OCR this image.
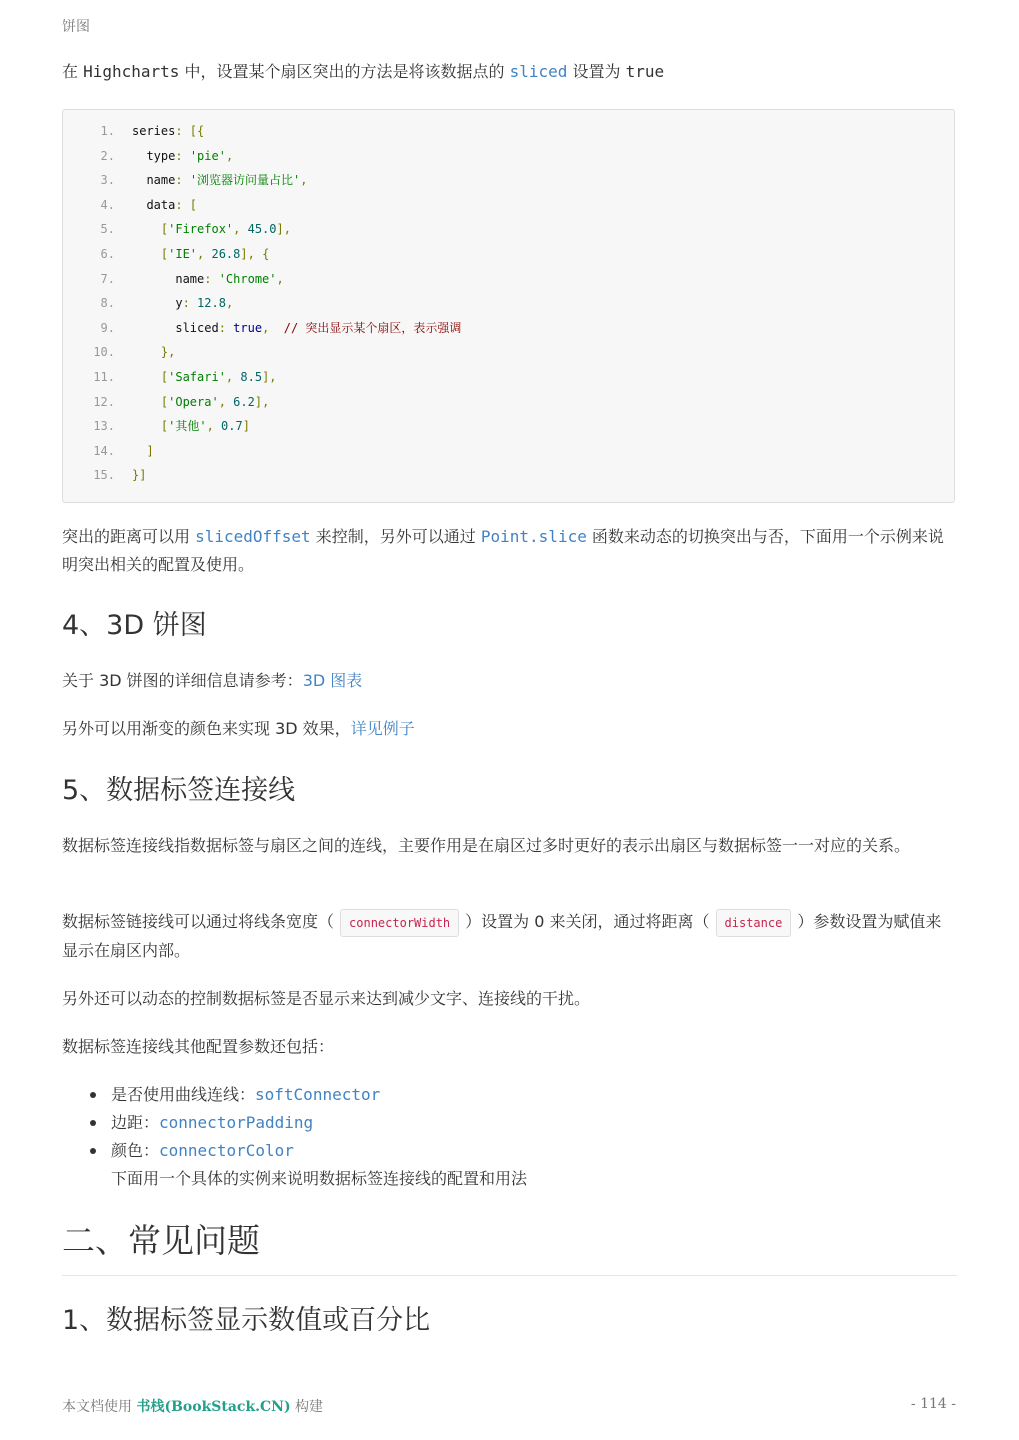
饼图
在 Highcharts 中，设置某个扇区突出的方法是将该数据点的 sliced 设置为 true
1. series: [{
2. type: 'pie',
3. name: '浏览器访问量占比',
4. data: [
5. ['Firefox', 45.0],
6. ['IE', 26.8], {
7. name: 'Chrome',
8. y: 12.8,
9. sliced: true,  // 突出显示某个扇区，表示强调
10. },
11. ['Safari', 8.5],
12. ['Opera', 6.2],
13. ['其他', 0.7]
14. ]
15. }]
突出的距离可以用 slicedOffset 来控制，另外可以通过 Point.slice 函数来动态的切换突出与否，下面用一个示例来说明突出相关的配置及使用。
4、3D 饼图
关于 3D 饼图的详细信息请参考：3D 图表
另外可以用渐变的颜色来实现 3D 效果，详见例子
5、数据标签连接线
数据标签连接线指数据标签与扇区之间的连线，主要作用是在扇区过多时更好的表示出扇区与数据标签一一对应的关系。
数据标签链接线可以通过将线条宽度（ connectorWidth ）设置为 0 来关闭，通过将距离（ distance ）参数设置为赋值来显示在扇区内部。
另外还可以动态的控制数据标签是否显示来达到减少文字、连接线的干扰。
数据标签连接线其他配置参数还包括：
是否使用曲线连线：softConnector
边距：connectorPadding
颜色：connectorColor
下面用一个具体的实例来说明数据标签连接线的配置和用法
二、常见问题
1、数据标签显示数值或百分比
本文档使用 书栈(BookStack.CN) 构建	- 114 -
